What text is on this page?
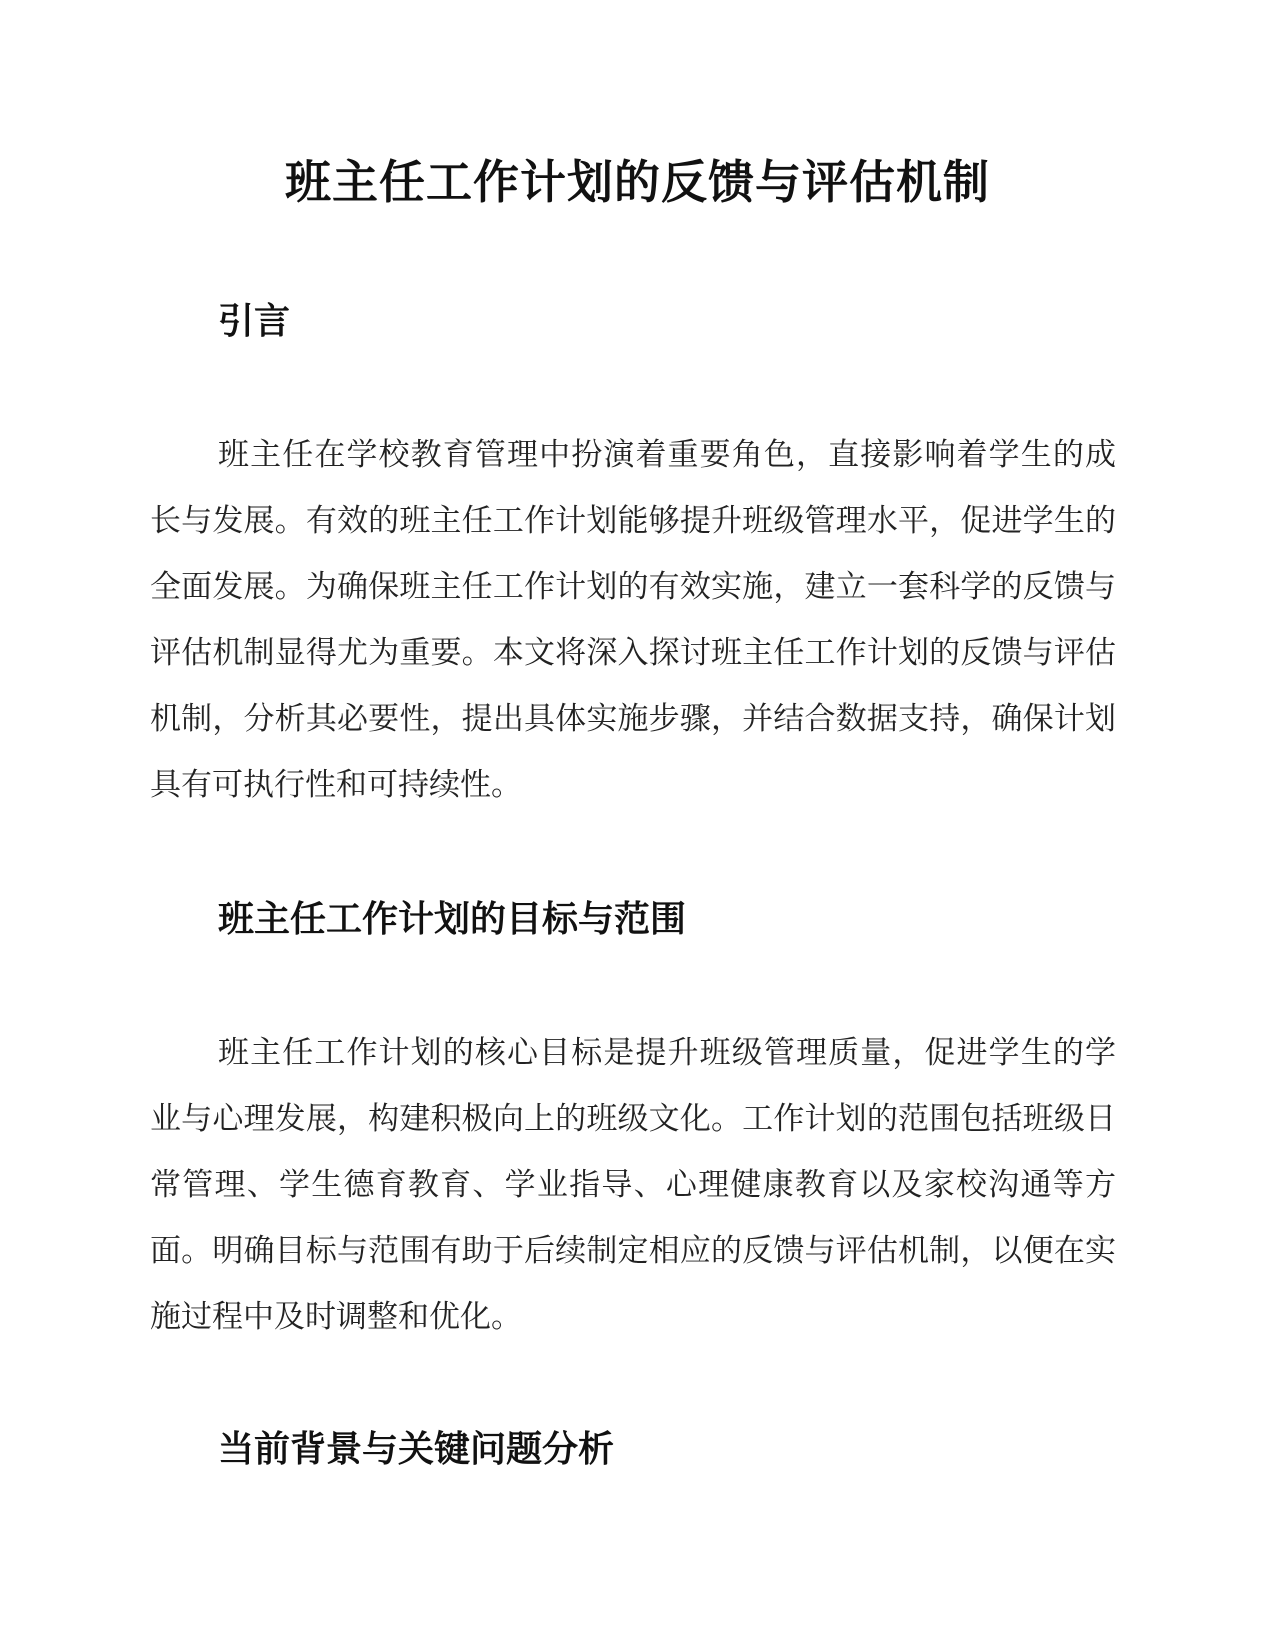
班主任工作计划的反馈与评估机制
引言

班主任在学校教育管理中扮演着重要角色，直接影响着学生的成长与发展。有效的班主任工作计划能够提升班级管理水平，促进学生的全面发展。为确保班主任工作计划的有效实施，建立一套科学的反馈与评估机制显得尤为重要。本文将深入探讨班主任工作计划的反馈与评估机制，分析其必要性，提出具体实施步骤，并结合数据支持，确保计划具有可执行性和可持续性。

班主任工作计划的目标与范围

班主任工作计划的核心目标是提升班级管理质量，促进学生的学业与心理发展，构建积极向上的班级文化。工作计划的范围包括班级日常管理、学生德育教育、学业指导、心理健康教育以及家校沟通等方面。明确目标与范围有助于后续制定相应的反馈与评估机制，以便在实施过程中及时调整和优化。

当前背景与关键问题分析
